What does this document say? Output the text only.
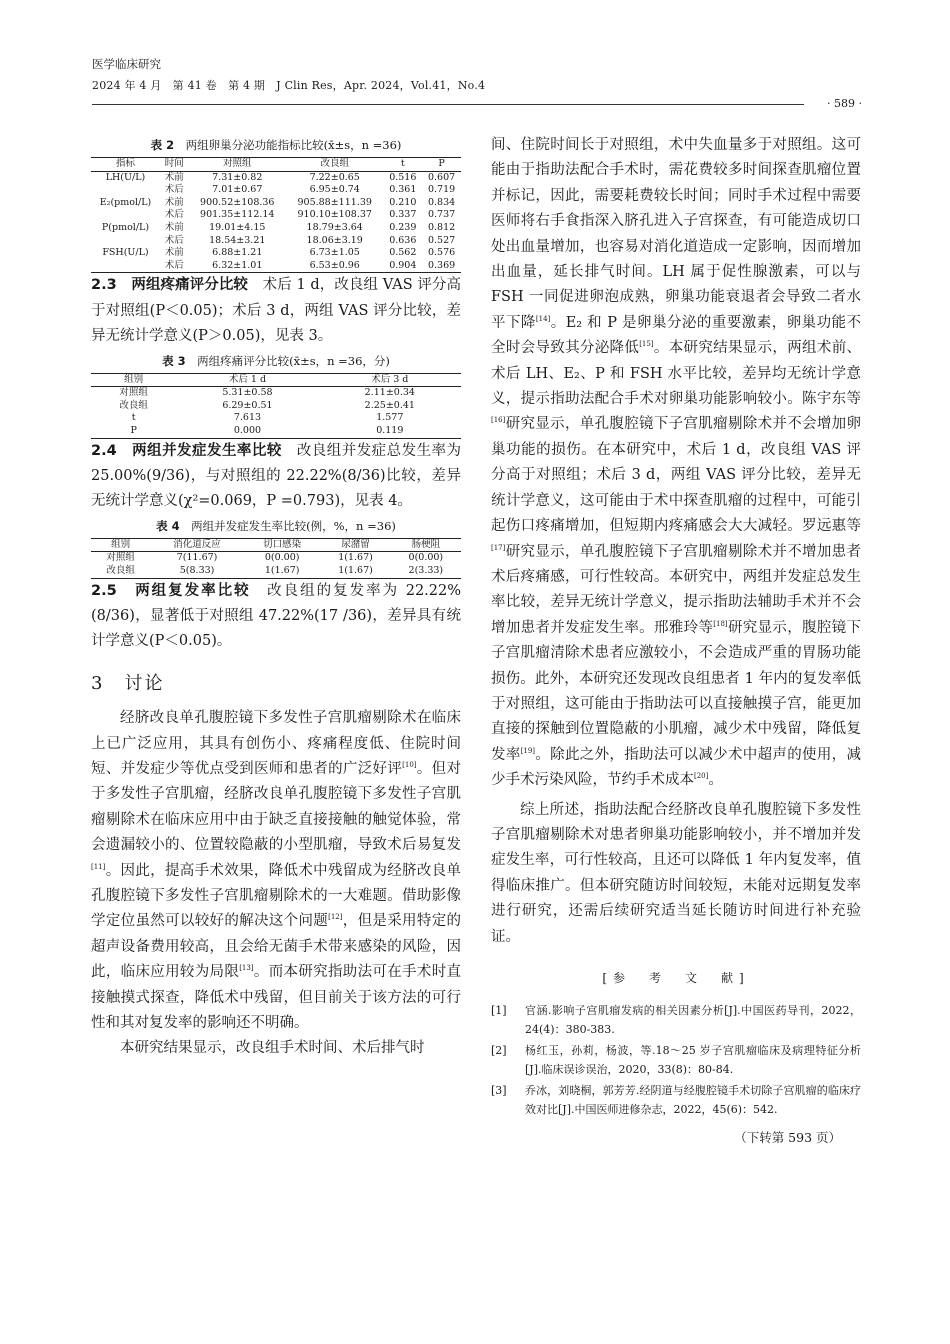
医学临床研究
2024 年 4 月　第 41 卷　第 4 期　J Clin Res，Apr. 2024，Vol.41，No.4
· 589 ·
表 2　 两组卵巢分泌功能指标比较(x̄±s，n =36)
指标	时间	对照组	改良组	t	P
LH(U/L)	术前	7.31±0.82	7.22±0.65	0.516	0.607
	术后	7.01±0.67	6.95±0.74	0.361	0.719
E₂(pmol/L)	术前	900.52±108.36	905.88±111.39	0.210	0.834
	术后	901.35±112.14	910.10±108.37	0.337	0.737
P(pmol/L)	术前	19.01±4.15	18.79±3.64	0.239	0.812
	术后	18.54±3.21	18.06±3.19	0.636	0.527
FSH(U/L)	术前	6.88±1.21	6.73±1.05	0.562	0.576
	术后	6.32±1.01	6.53±0.96	0.904	0.369

2.3　 两组疼痛评分比较　 术后 1 d，改良组 VAS 评分高于对照组(P＜0.05)；术后 3 d，两组 VAS 评分比较，差异无统计学意义(P＞0.05)，见表 3。

表 3　 两组疼痛评分比较(x̄±s，n =36，分)
组别	术后 1 d	术后 3 d
对照组	5.31±0.58	2.11±0.34
改良组	6.29±0.51	2.25±0.41
t	7.613	1.577
P	0.000	0.119

2.4　 两组并发症发生率比较　 改良组并发症总发生率为 25.00%(9/36)，与对照组的 22.22%(8/36)比较，差异无统计学意义(χ²=0.069，P =0.793)，见表 4。

表 4　 两组并发症发生率比较(例，%，n =36)
组别	消化道反应	切口感染	尿潴留	肠梗阻
对照组	7(11.67)	0(0.00)	1(1.67)	0(0.00)
改良组	5(8.33)	1(1.67)	1(1.67)	2(3.33)

2.5　 两组复发率比较　 改良组的复发率为 22.22%(8/36)，显著低于对照组 47.22%(17 /36)，差异具有统计学意义(P＜0.05)。

3　讨论

经脐改良单孔腹腔镜下多发性子宫肌瘤剔除术在临床上已广泛应用，其具有创伤小、疼痛程度低、住院时间短、并发症少等优点受到医师和患者的广泛好评[10]。但对于多发性子宫肌瘤，经脐改良单孔腹腔镜下多发性子宫肌瘤剔除术在临床应用中由于缺乏直接接触的触觉体验，常会遗漏较小的、位置较隐蔽的小型肌瘤，导致术后易复发[11]。因此，提高手术效果，降低术中残留成为经脐改良单孔腹腔镜下多发性子宫肌瘤剔除术的一大难题。借助影像学定位虽然可以较好的解决这个问题[12]，但是采用特定的超声设备费用较高，且会给无菌手术带来感染的风险，因此，临床应用较为局限[13]。而本研究指助法可在手术时直接触摸式探查，降低术中残留，但目前关于该方法的可行性和其对复发率的影响还不明确。

本研究结果显示，改良组手术时间、术后排气时

间、住院时间长于对照组，术中失血量多于对照组。这可能由于指助法配合手术时，需花费较多时间探查肌瘤位置并标记，因此，需要耗费较长时间；同时手术过程中需要医师将右手食指深入脐孔进入子宫探查，有可能造成切口处出血量增加，也容易对消化道造成一定影响，因而增加出血量，延长排气时间。LH 属于促性腺激素，可以与 FSH 一同促进卵泡成熟，卵巢功能衰退者会导致二者水平下降[14]。E₂ 和 P 是卵巢分泌的重要激素，卵巢功能不全时会导致其分泌降低[15]。本研究结果显示，两组术前、术后 LH、E₂、P 和 FSH 水平比较，差异均无统计学意义，提示指助法配合手术对卵巢功能影响较小。陈宇东等[16]研究显示，单孔腹腔镜下子宫肌瘤剔除术并不会增加卵巢功能的损伤。在本研究中，术后 1 d，改良组 VAS 评分高于对照组；术后 3 d，两组 VAS 评分比较，差异无统计学意义，这可能由于术中探查肌瘤的过程中，可能引起伤口疼痛增加，但短期内疼痛感会大大减轻。罗远惠等[17]研究显示，单孔腹腔镜下子宫肌瘤剔除术并不增加患者术后疼痛感，可行性较高。本研究中，两组并发症总发生率比较，差异无统计学意义，提示指助法辅助手术并不会增加患者并发症发生率。邢雅玲等[18]研究显示，腹腔镜下子宫肌瘤清除术患者应激较小，不会造成严重的胃肠功能损伤。此外，本研究还发现改良组患者 1 年内的复发率低于对照组，这可能由于指助法可以直接触摸子宫，能更加直接的探触到位置隐蔽的小肌瘤，减少术中残留，降低复发率[19]。除此之外，指助法可以减少术中超声的使用，减少手术污染风险，节约手术成本[20]。

综上所述，指助法配合经脐改良单孔腹腔镜下多发性子宫肌瘤剔除术对患者卵巢功能影响较小，并不增加并发症发生率，可行性较高，且还可以降低 1 年内复发率，值得临床推广。但本研究随访时间较短，未能对远期复发率进行研究，还需后续研究适当延长随访时间进行补充验证。

[参　考　文　献]
[1]	官涵.影响子宫肌瘤发病的相关因素分析[J].中国医药导刊，2022，24(4)：380-383.
[2]	杨红玉，孙莉，杨波，等.18～25 岁子宫肌瘤临床及病理特征分析[J].临床误诊误治，2020，33(8)：80-84.
[3]	乔冰，刘晓桐，郭芳芳.经阴道与经腹腔镜手术切除子宫肌瘤的临床疗效对比[J].中国医师进修杂志，2022，45(6)：542.
（下转第 593 页）
